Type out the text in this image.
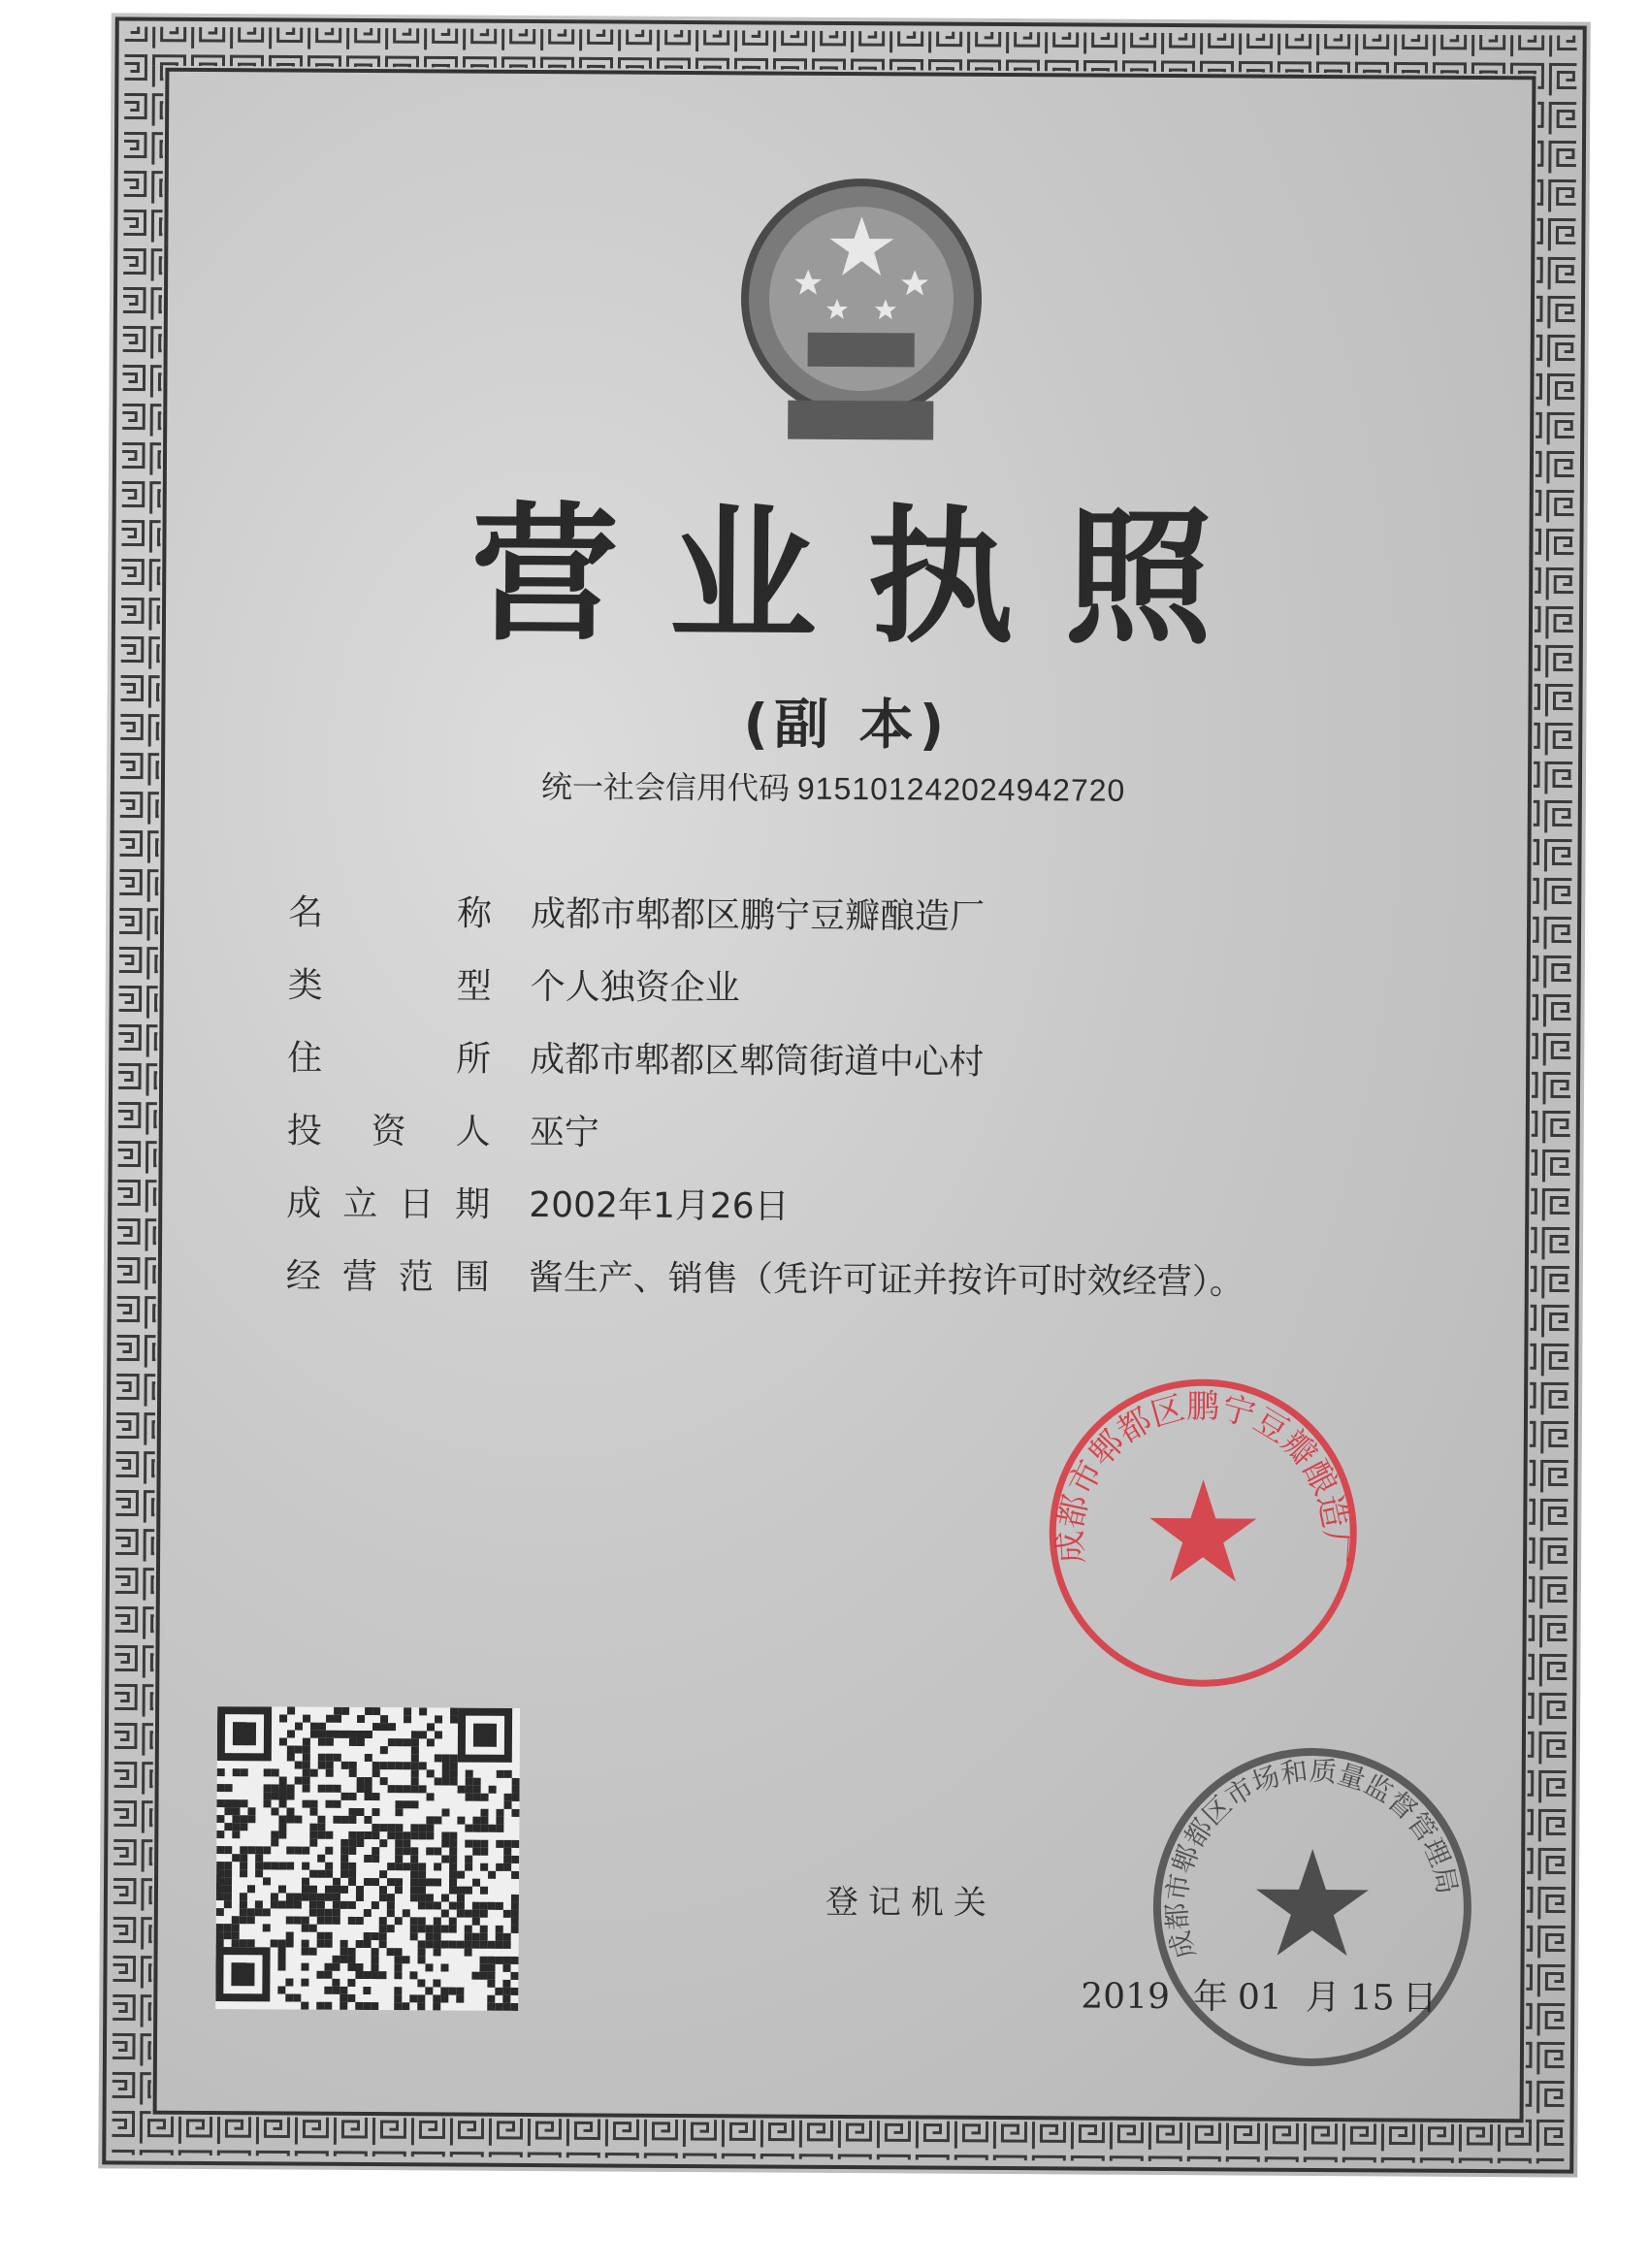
营业执照
(副 本)
统一社会信用代码 915101242024942720
名	称 成都市郫都区鹏宁豆瓣酿造厂
类	型 个人独资企业
住	所 成都市郫都区郫筒街道中心村
投 资 人 巫宁
成 立 日 期 2002年1月26日
经 营 范 围 酱生产、销售（凭许可证并按许可时效经营）。
登记机关
成都市郫都区鹏宁豆瓣酿造厂
成都市郫都区市场和质量监督管理局
2019 年 01 月 15 日
